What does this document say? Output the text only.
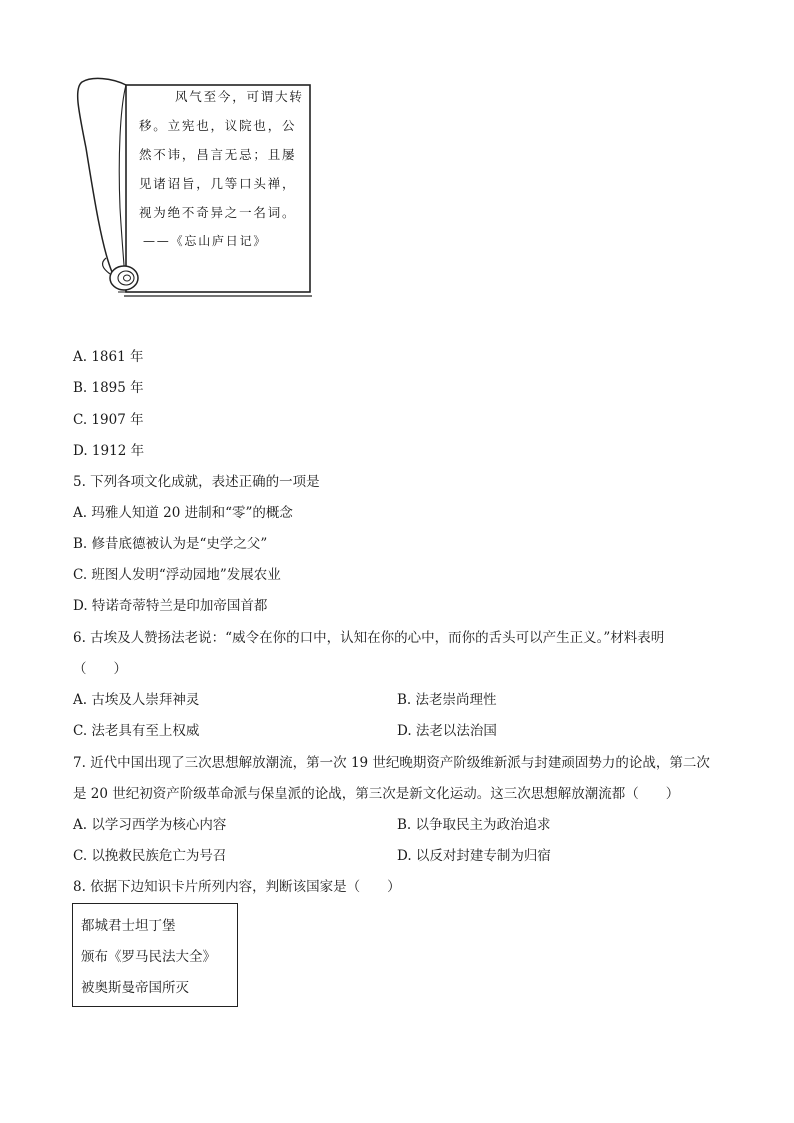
风气至今，可谓大转
移。立宪也，议院也，公
然不讳，昌言无忌；且屡
见诸诏旨，几等口头禅，
视为绝不奇异之一名词。
——《忘山庐日记》
A. 1861 年
B. 1895 年
C. 1907 年
D. 1912 年
5. 下列各项文化成就，表述正确的一项是
A. 玛雅人知道 20 进制和“零”的概念
B. 修昔底德被认为是“史学之父”
C. 班图人发明“浮动园地”发展农业
D. 特诺奇蒂特兰是印加帝国首都
6. 古埃及人赞扬法老说：“威令在你的口中，认知在你的心中，而你的舌头可以产生正义。”材料表明
（　　）
A. 古埃及人崇拜神灵	B. 法老崇尚理性
C. 法老具有至上权威	D. 法老以法治国
7. 近代中国出现了三次思想解放潮流，第一次 19 世纪晚期资产阶级维新派与封建顽固势力的论战，第二次
是 20 世纪初资产阶级革命派与保皇派的论战，第三次是新文化运动。这三次思想解放潮流都（　　）
A. 以学习西学为核心内容	B. 以争取民主为政治追求
C. 以挽救民族危亡为号召	D. 以反对封建专制为归宿
8. 依据下边知识卡片所列内容，判断该国家是（　　）
都城君士坦丁堡
颁布《罗马民法大全》
被奥斯曼帝国所灭
